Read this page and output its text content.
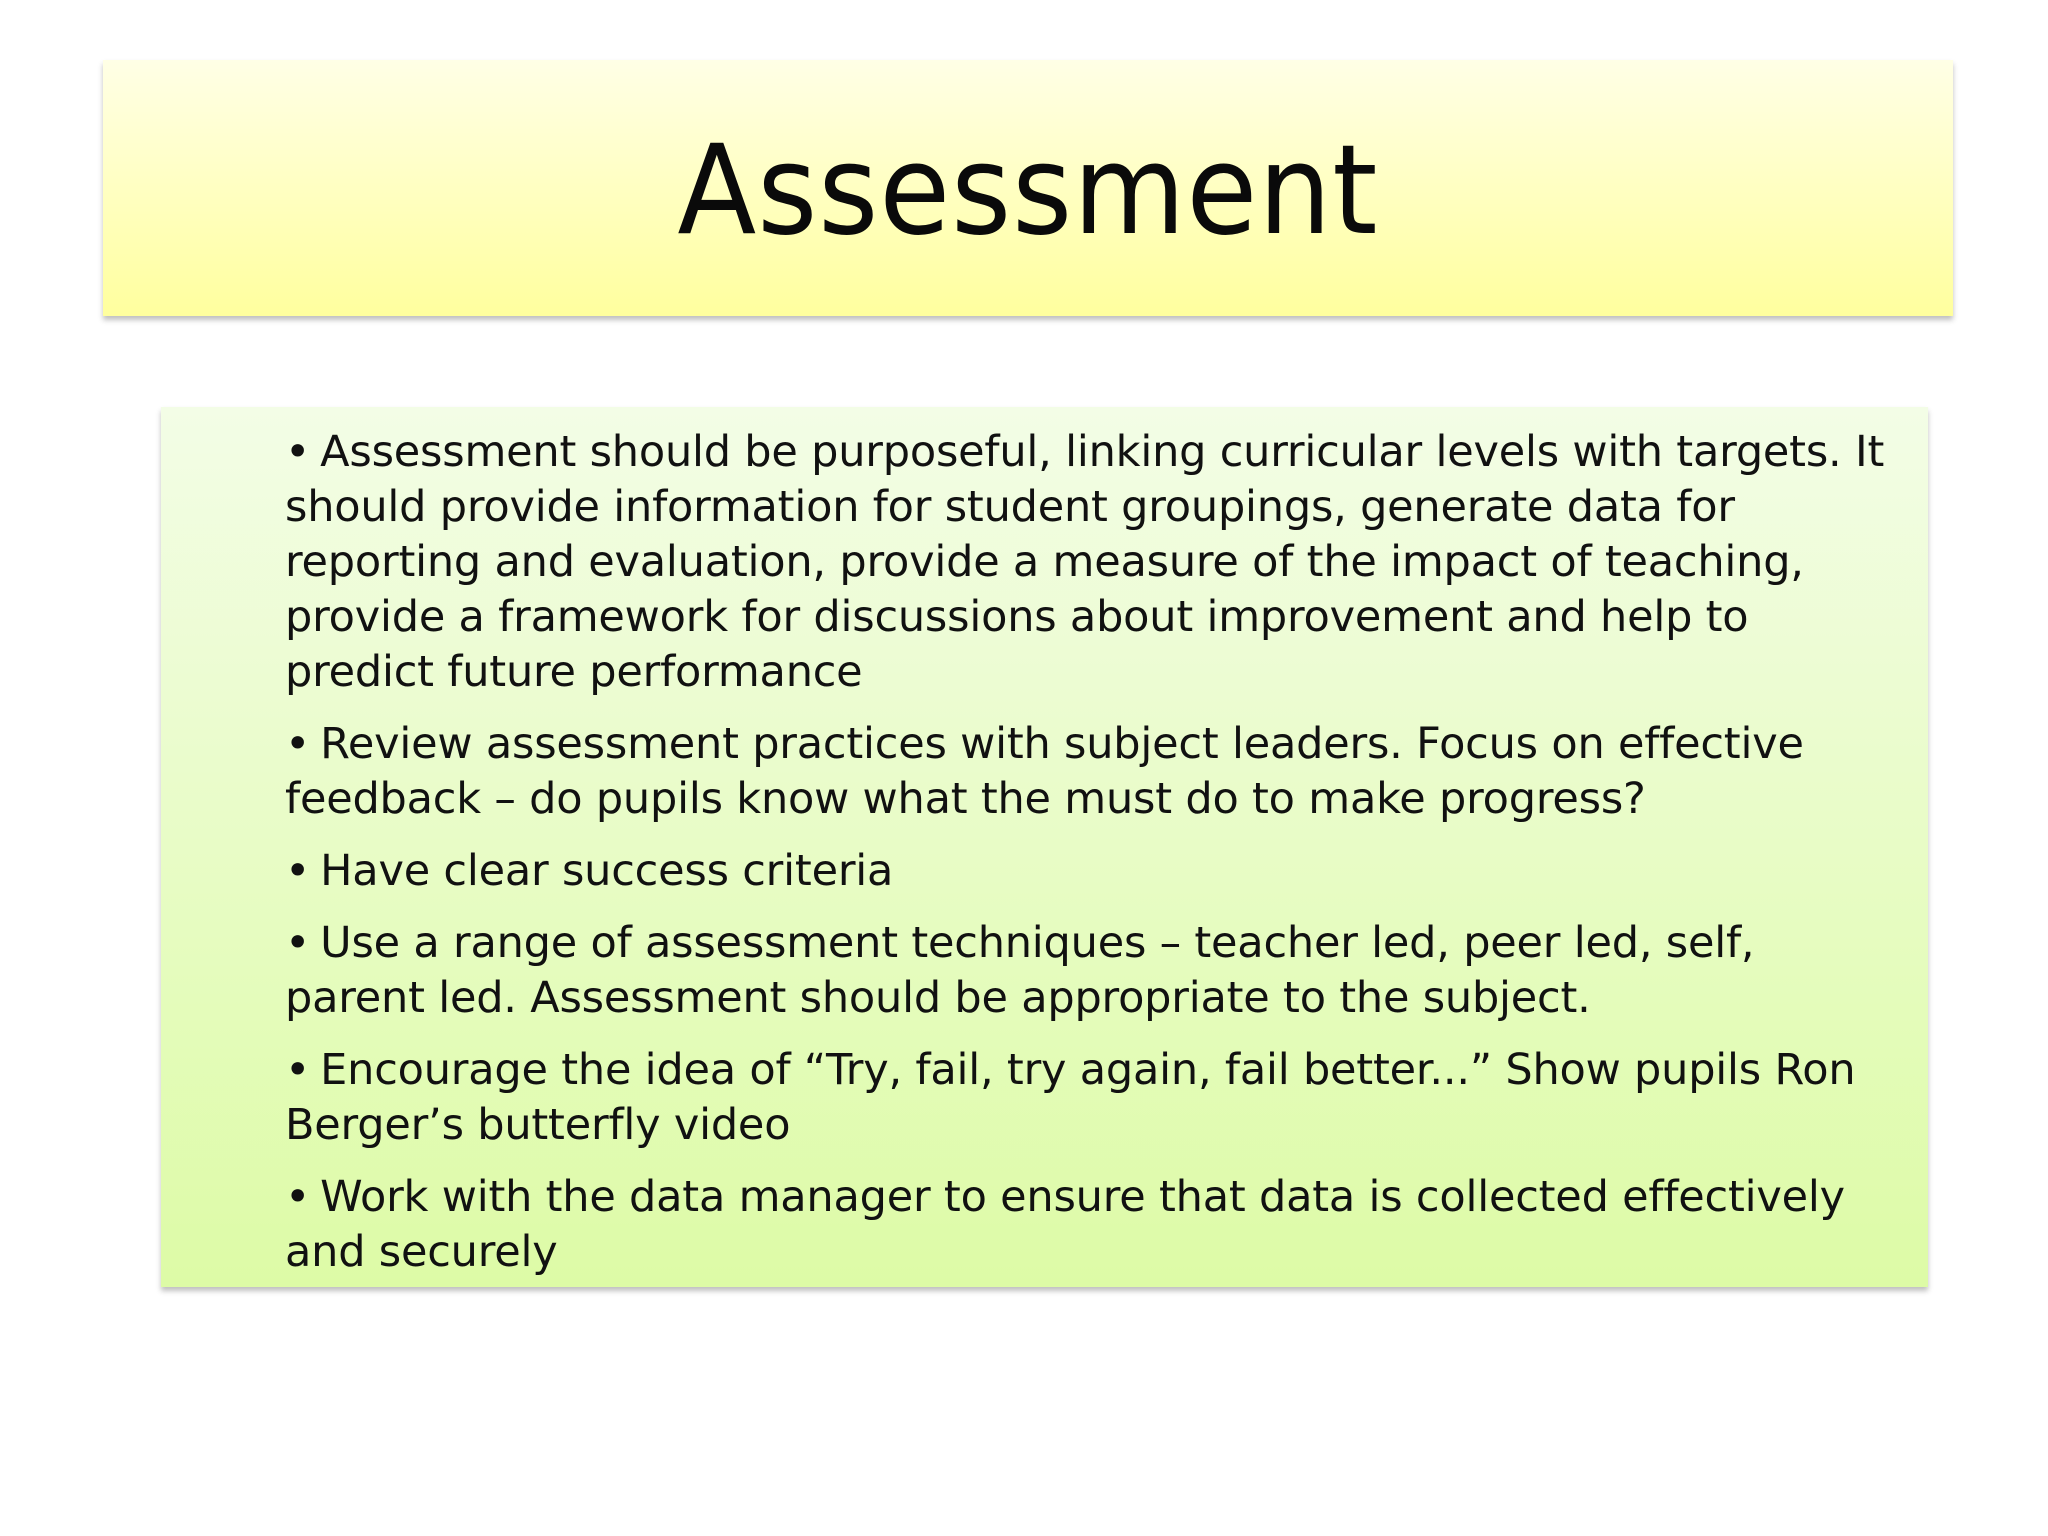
Assessment
• Assessment should be purposeful, linking curricular levels with targets. It should provide information for student groupings, generate data for reporting and evaluation, provide a measure of the impact of teaching, provide a framework for discussions about improvement and help to predict future performance
• Review assessment practices with subject leaders. Focus on effective feedback – do pupils know what the must do to make progress?
• Have clear success criteria
• Use a range of assessment techniques – teacher led, peer led, self, parent led. Assessment should be appropriate to the subject.
• Encourage the idea of “Try, fail, try again, fail better...” Show pupils Ron Berger’s butterfly video
• Work with the data manager to ensure that data is collected effectively and securely
